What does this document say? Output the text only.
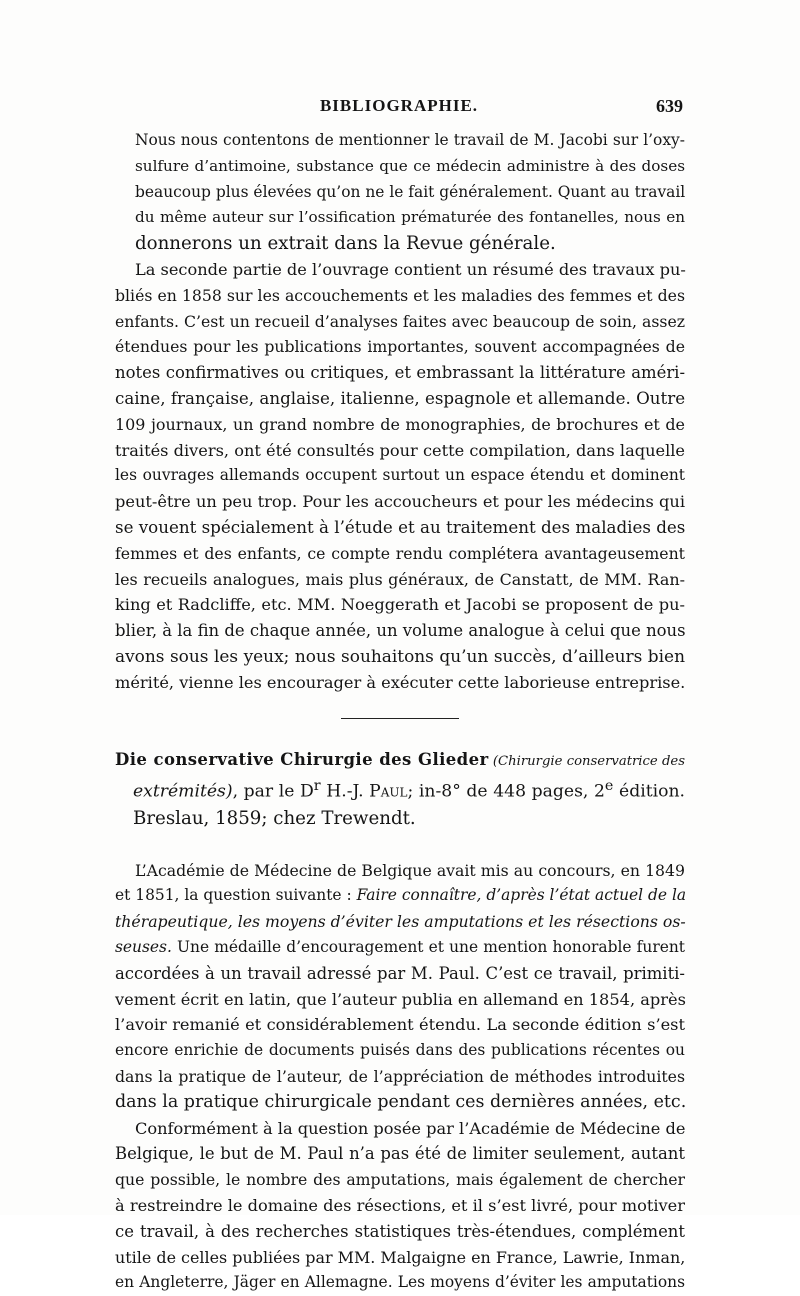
BIBLIOGRAPHIE.	639

Nous nous contentons de mentionner le travail de M. Jacobi sur l’oxy-
sulfure d’antimoine, substance que ce médecin administre à des doses
beaucoup plus élevées qu’on ne le fait généralement. Quant au travail
du même auteur sur l’ossification prématurée des fontanelles, nous en
donnerons un extrait dans la Revue générale.

La seconde partie de l’ouvrage contient un résumé des travaux pu-
bliés en 1858 sur les accouchements et les maladies des femmes et des
enfants. C’est un recueil d’analyses faites avec beaucoup de soin, assez
étendues pour les publications importantes, souvent accompagnées de
notes confirmatives ou critiques, et embrassant la littérature améri-
caine, française, anglaise, italienne, espagnole et allemande. Outre
109 journaux, un grand nombre de monographies, de brochures et de
traités divers, ont été consultés pour cette compilation, dans laquelle
les ouvrages allemands occupent surtout un espace étendu et dominent
peut-être un peu trop. Pour les accoucheurs et pour les médecins qui
se vouent spécialement à l’étude et au traitement des maladies des
femmes et des enfants, ce compte rendu complétera avantageusement
les recueils analogues, mais plus généraux, de Canstatt, de MM. Ran-
king et Radcliffe, etc. MM. Noeggerath et Jacobi se proposent de pu-
blier, à la fin de chaque année, un volume analogue à celui que nous
avons sous les yeux; nous souhaitons qu’un succès, d’ailleurs bien
mérité, vienne les encourager à exécuter cette laborieuse entreprise.

Die conservative Chirurgie des Glieder (Chirurgie conservatrice des
extrémités), par le $D^r$ H.-J. Paul; in-8° de 448 pages, 2e édition.
Breslau, 1859; chez Trewendt.

L’Académie de Médecine de Belgique avait mis au concours, en 1849
et 1851, la question suivante : Faire connaître, d’après l’état actuel de la
thérapeutique, les moyens d’éviter les amputations et les résections os-
seuses. Une médaille d’encouragement et une mention honorable furent
accordées à un travail adressé par M. Paul. C’est ce travail, primiti-
vement écrit en latin, que l’auteur publia en allemand en 1854, après
l’avoir remanié et considérablement étendu. La seconde édition s’est
encore enrichie de documents puisés dans des publications récentes ou
dans la pratique de l’auteur, de l’appréciation de méthodes introduites
dans la pratique chirurgicale pendant ces dernières années, etc.

Conformément à la question posée par l’Académie de Médecine de
Belgique, le but de M. Paul n’a pas été de limiter seulement, autant
que possible, le nombre des amputations, mais également de chercher
à restreindre le domaine des résections, et il s’est livré, pour motiver
ce travail, à des recherches statistiques très-étendues, complément
utile de celles publiées par MM. Malgaigne en France, Lawrie, Inman,
en Angleterre, Jäger en Allemagne. Les moyens d’éviter les amputations
